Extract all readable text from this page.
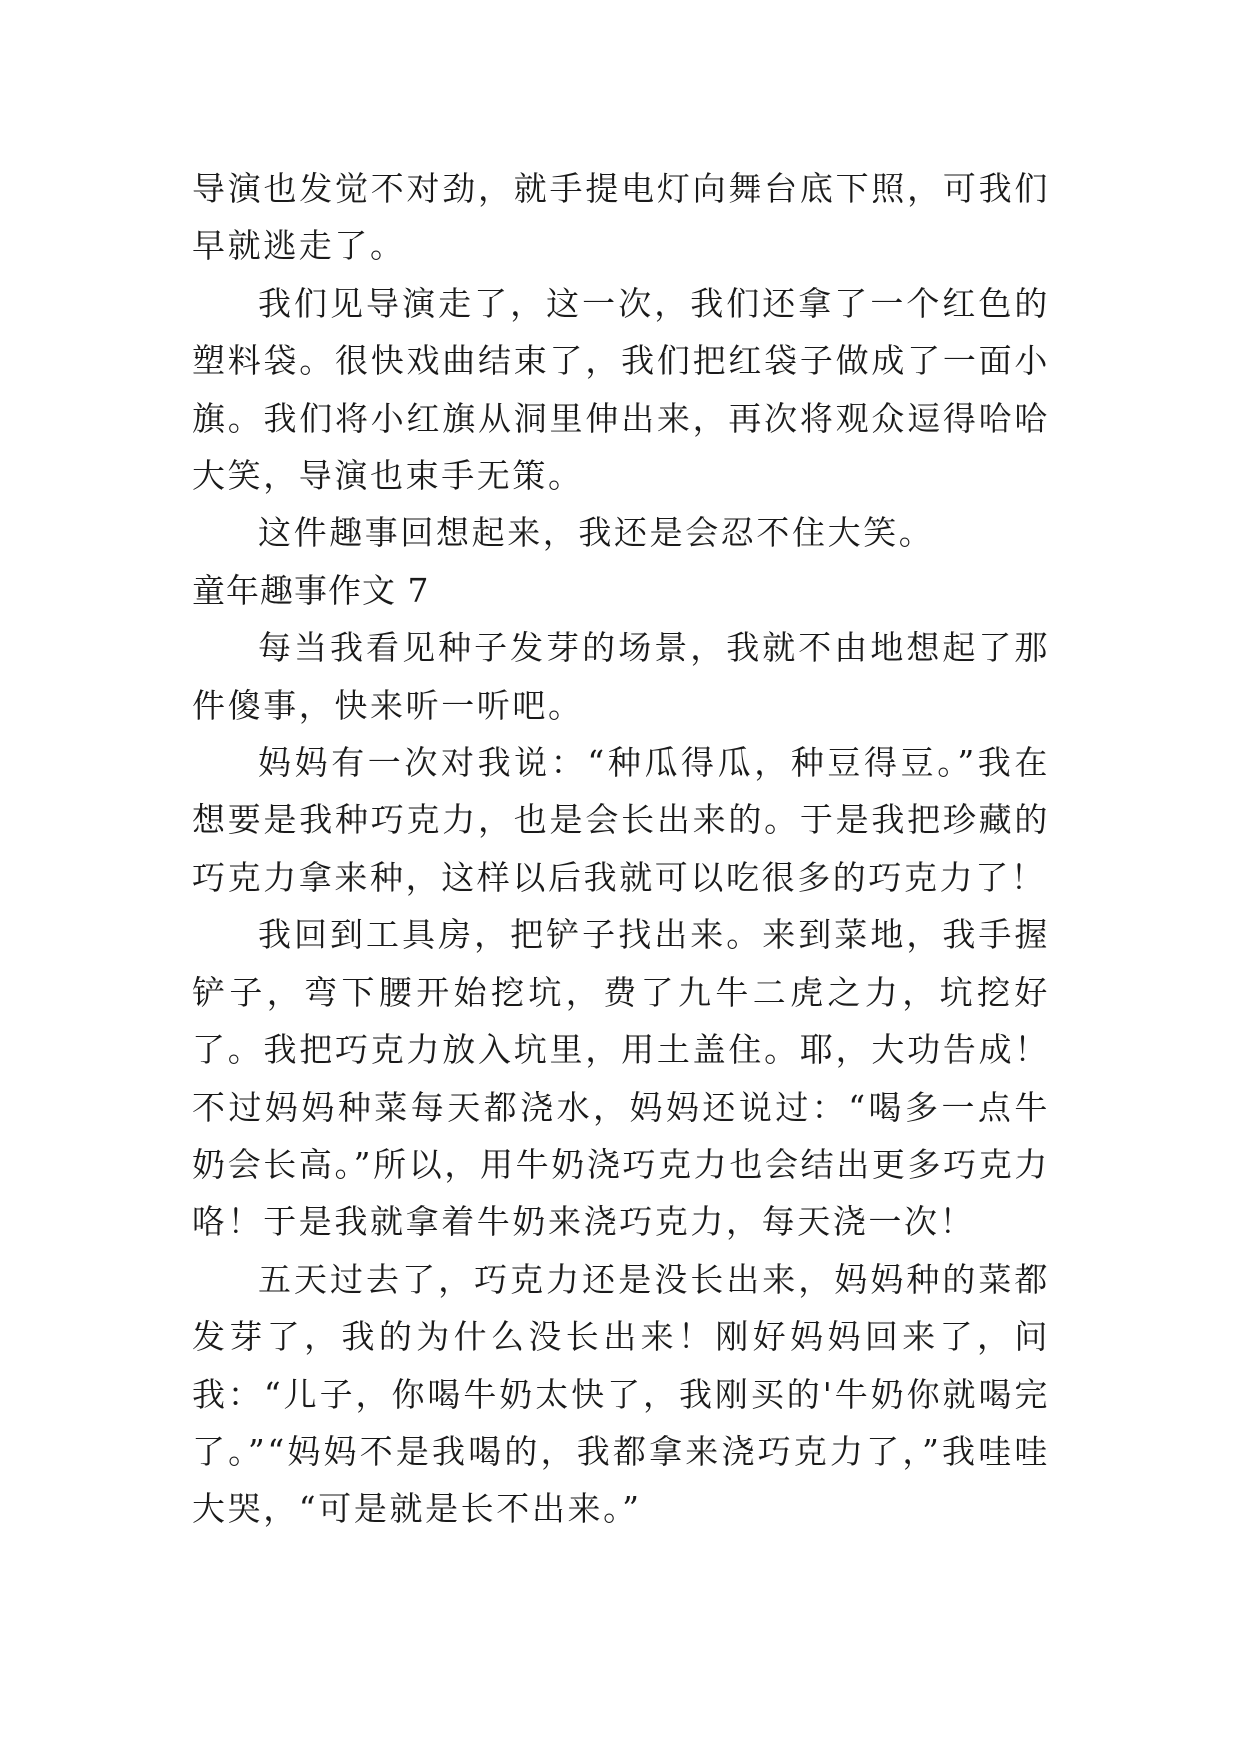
导演也发觉不对劲，就手提电灯向舞台底下照，可我们早就逃走了。

我们见导演走了，这一次，我们还拿了一个红色的塑料袋。很快戏曲结束了，我们把红袋子做成了一面小旗。我们将小红旗从洞里伸出来，再次将观众逗得哈哈大笑，导演也束手无策。

这件趣事回想起来，我还是会忍不住大笑。

童年趣事作文 7

每当我看见种子发芽的场景，我就不由地想起了那件傻事，快来听一听吧。

妈妈有一次对我说：“种瓜得瓜，种豆得豆。”我在想要是我种巧克力，也是会长出来的。于是我把珍藏的巧克力拿来种，这样以后我就可以吃很多的巧克力了！

我回到工具房，把铲子找出来。来到菜地，我手握铲子，弯下腰开始挖坑，费了九牛二虎之力，坑挖好了。我把巧克力放入坑里，用土盖住。耶，大功告成！不过妈妈种菜每天都浇水，妈妈还说过：“喝多一点牛奶会长高。”所以，用牛奶浇巧克力也会结出更多巧克力咯！于是我就拿着牛奶来浇巧克力，每天浇一次！

五天过去了，巧克力还是没长出来，妈妈种的菜都发芽了，我的为什么没长出来！刚好妈妈回来了，问我：“儿子，你喝牛奶太快了，我刚买的'牛奶你就喝完了。”“妈妈不是我喝的，我都拿来浇巧克力了，”我哇哇大哭，“可是就是长不出来。”
